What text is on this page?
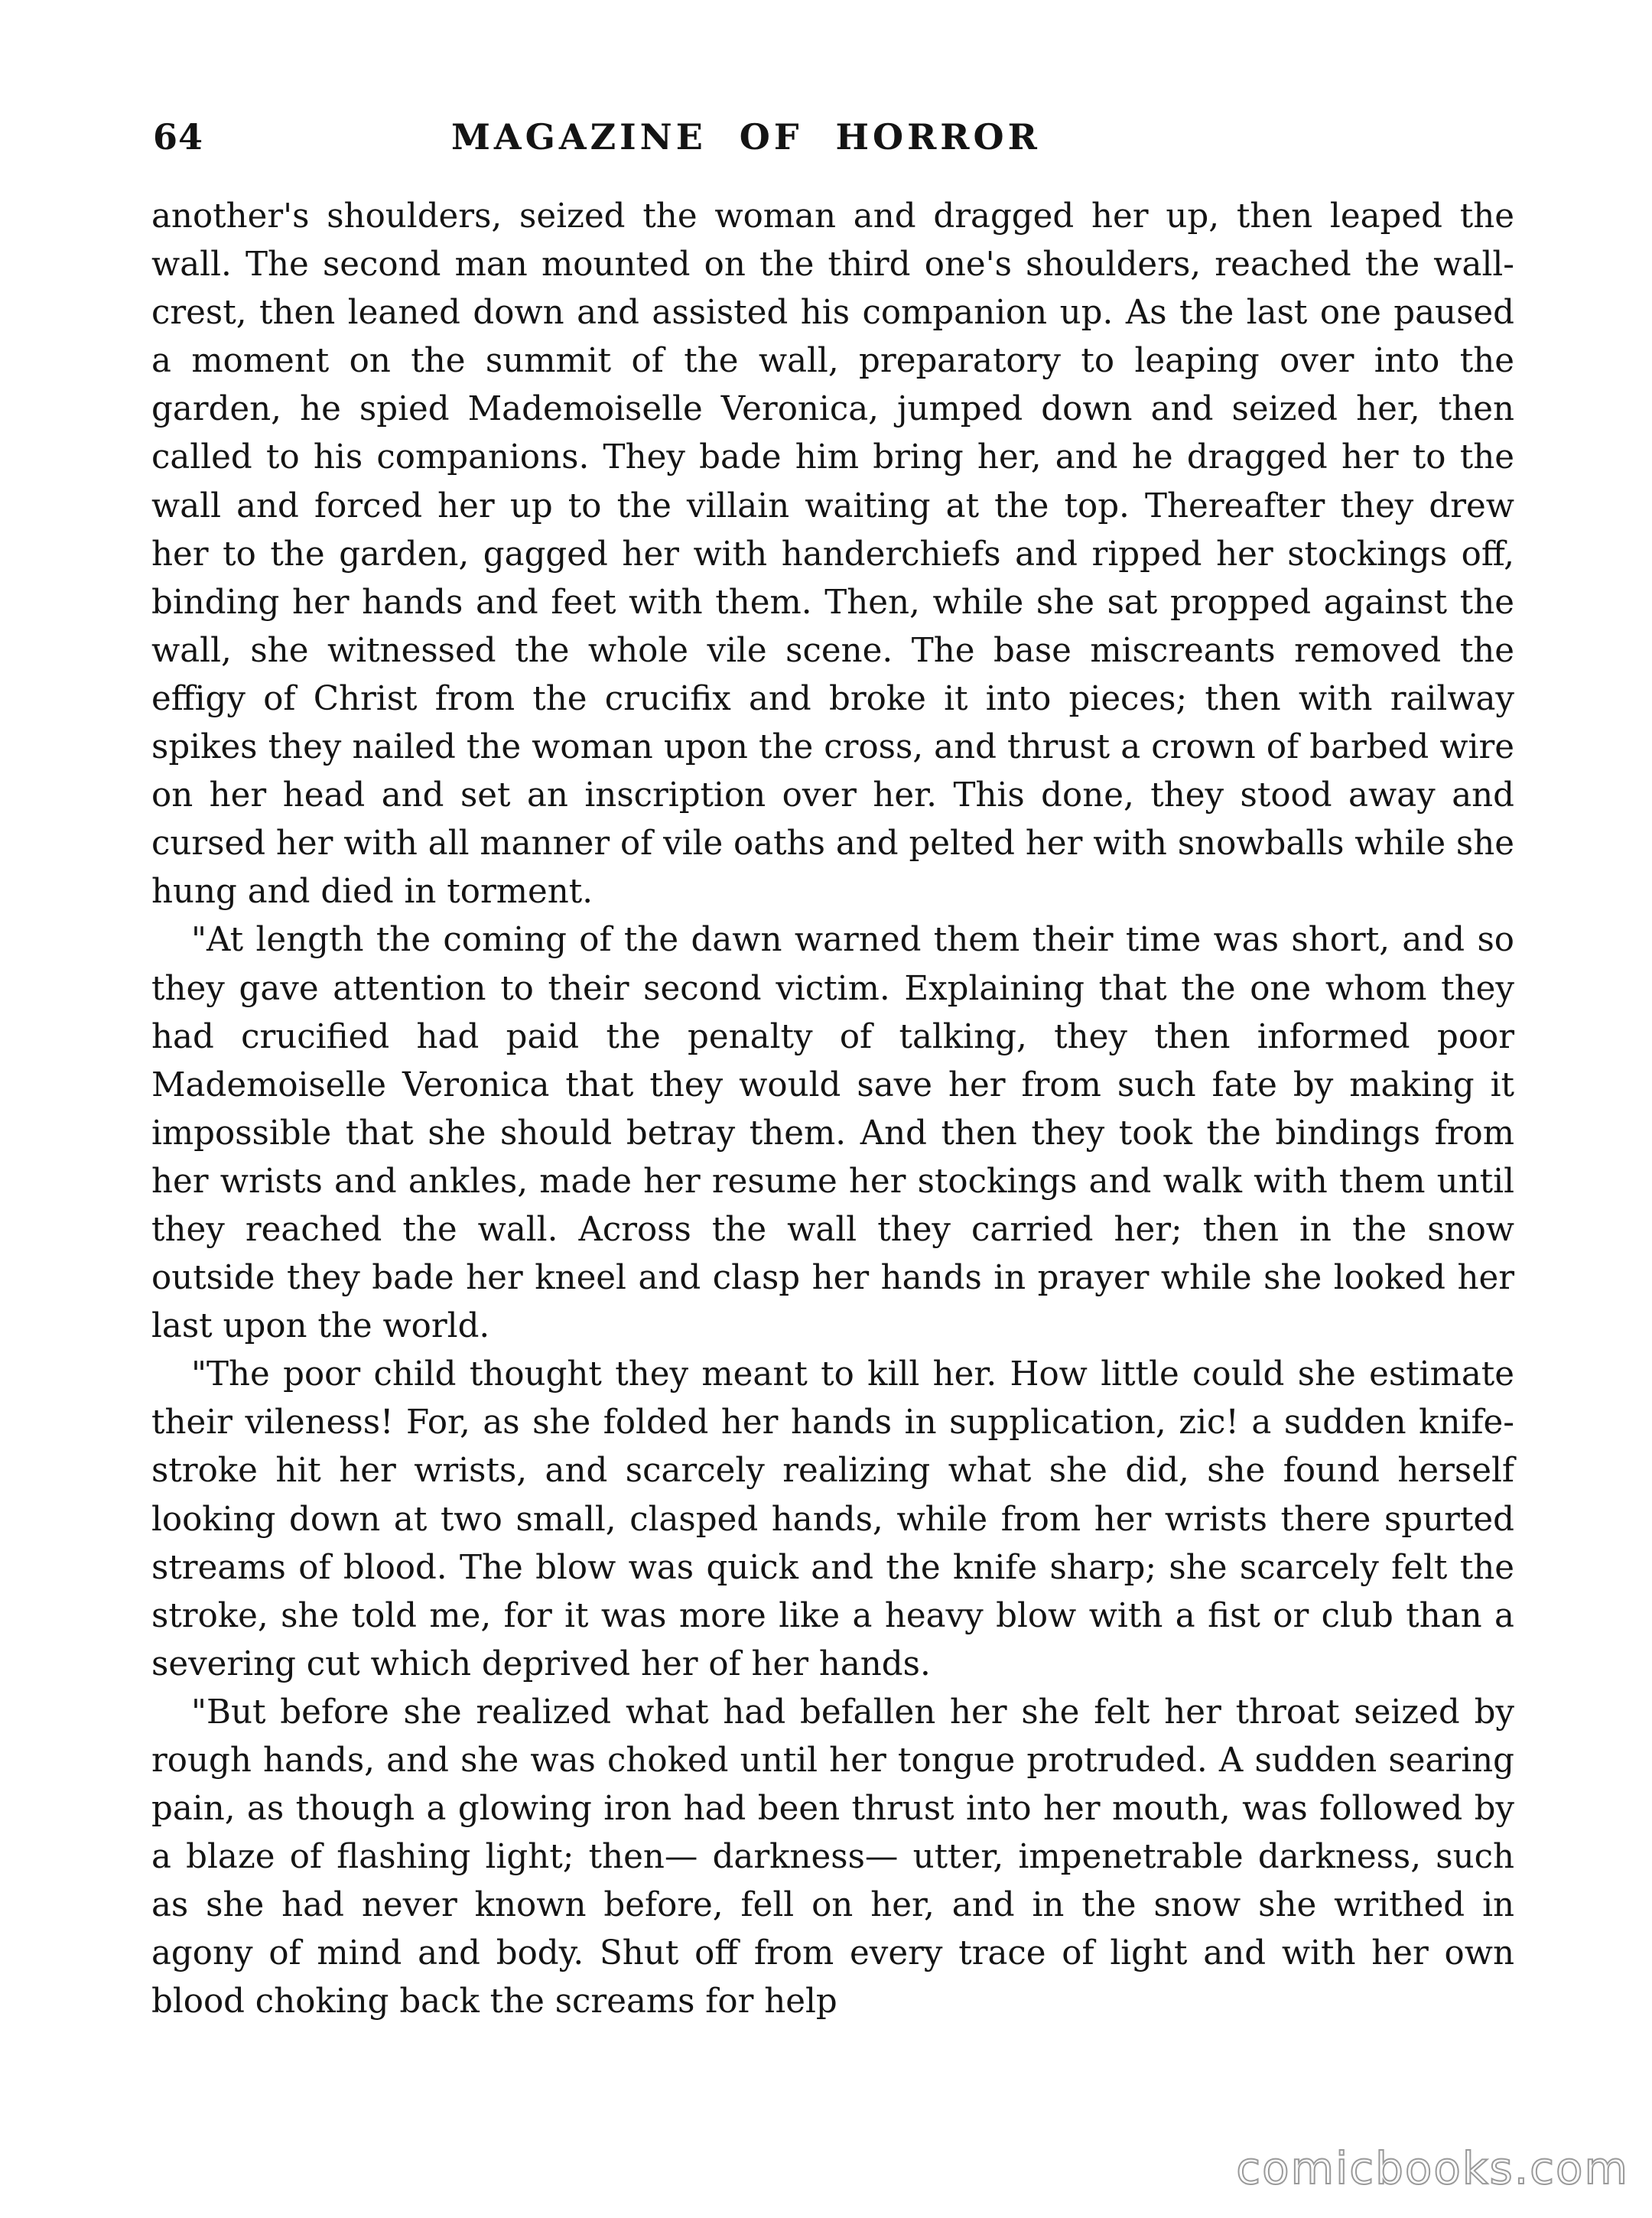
64	MAGAZINE OF HORROR

another's shoulders, seized the woman and dragged her up, then leaped the wall. The second man mounted on the third one's shoulders, reached the wall-crest, then leaned down and assisted his companion up. As the last one paused a moment on the summit of the wall, preparatory to leaping over into the garden, he spied Mademoiselle Veronica, jumped down and seized her, then called to his companions. They bade him bring her, and he dragged her to the wall and forced her up to the villain waiting at the top. Thereafter they drew her to the garden, gagged her with handerchiefs and ripped her stockings off, binding her hands and feet with them. Then, while she sat propped against the wall, she witnessed the whole vile scene. The base miscreants removed the effigy of Christ from the crucifix and broke it into pieces; then with railway spikes they nailed the woman upon the cross, and thrust a crown of barbed wire on her head and set an inscription over her. This done, they stood away and cursed her with all manner of vile oaths and pelted her with snowballs while she hung and died in torment.

"At length the coming of the dawn warned them their time was short, and so they gave attention to their second victim. Explaining that the one whom they had crucified had paid the penalty of talking, they then informed poor Mademoiselle Veronica that they would save her from such fate by making it impossible that she should betray them. And then they took the bindings from her wrists and ankles, made her resume her stockings and walk with them until they reached the wall. Across the wall they carried her; then in the snow outside they bade her kneel and clasp her hands in prayer while she looked her last upon the world.

"The poor child thought they meant to kill her. How little could she estimate their vileness! For, as she folded her hands in supplication, zic! a sudden knife-stroke hit her wrists, and scarcely realizing what she did, she found herself looking down at two small, clasped hands, while from her wrists there spurted streams of blood. The blow was quick and the knife sharp; she scarcely felt the stroke, she told me, for it was more like a heavy blow with a fist or club than a severing cut which deprived her of her hands.

"But before she realized what had befallen her she felt her throat seized by rough hands, and she was choked until her tongue protruded. A sudden searing pain, as though a glowing iron had been thrust into her mouth, was followed by a blaze of flashing light; then— darkness— utter, impenetrable darkness, such as she had never known before, fell on her, and in the snow she writhed in agony of mind and body. Shut off from every trace of light and with her own blood choking back the screams for help

comicbooks.com
